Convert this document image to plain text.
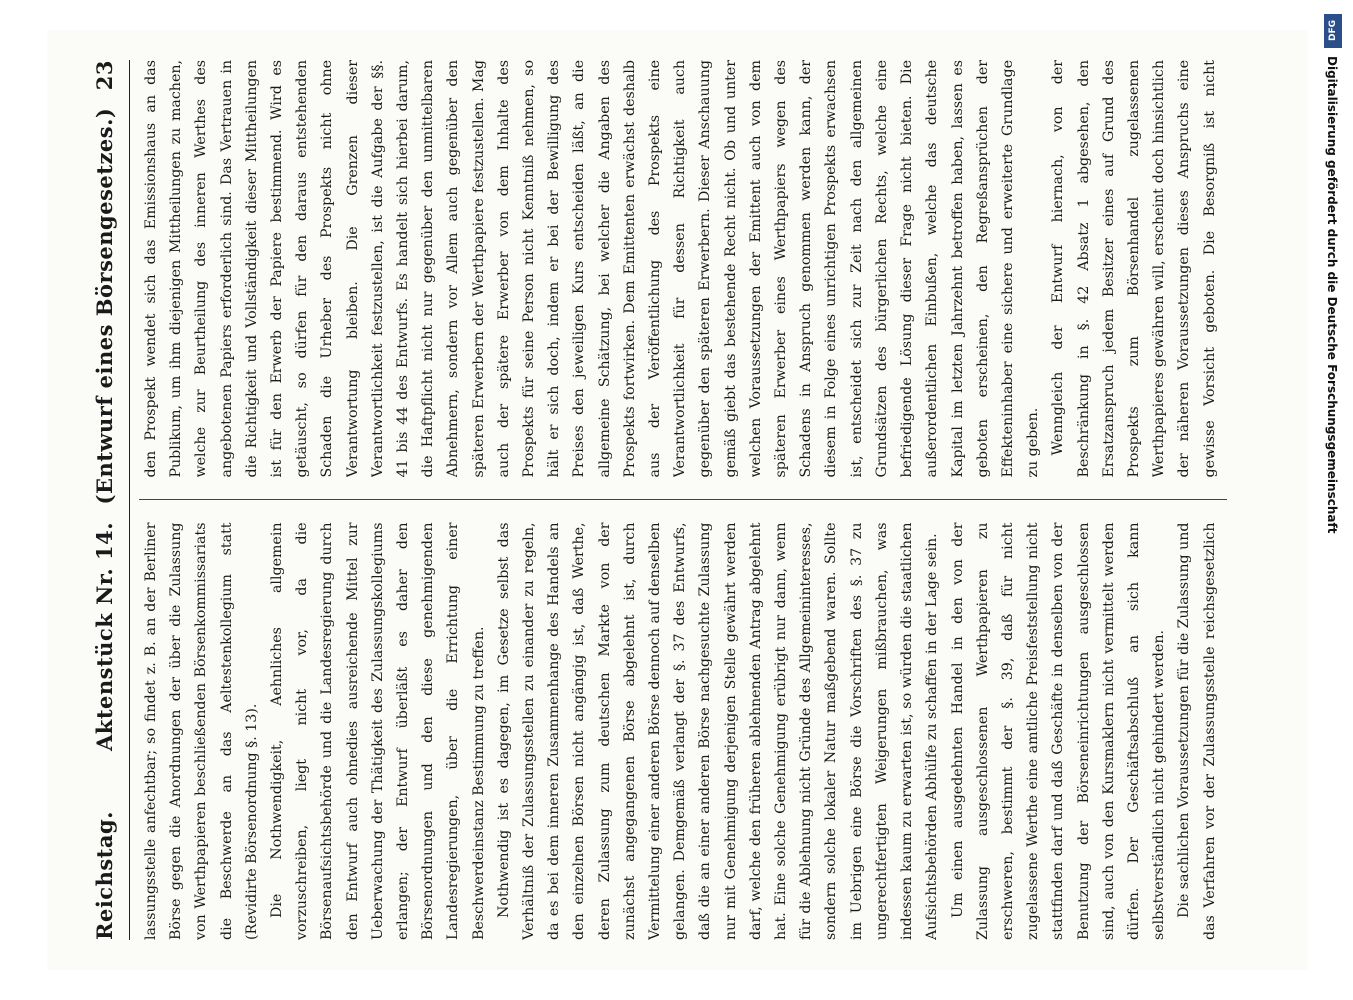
Reichstag.
Aktenstück Nr. 14.
(Entwurf eines Börsengesetzes.)
23

lassungsstelle anfechtbar; so findet z. B. an der Berliner Börse gegen die Anordnungen der über die Zulassung von Werthpapieren beschließenden Börsenkommissariats die Beschwerde an das Aeltestenkollegium statt (Revidirte Börsenordnung §. 13). Die Nothwendigkeit, Aehnliches allgemein vorzuschreiben, liegt nicht vor, da die Börsenaufsichtsbehörde und die Landesregierung durch den Entwurf auch ohnedies ausreichende Mittel zur Ueberwachung der Thätigkeit des Zulassungskollegiums erlangen; der Entwurf überläßt es daher den Börsenordnungen und den diese genehmigenden Landesregierungen, über die Errichtung einer Beschwerdeinstanz Bestimmung zu treffen. Nothwendig ist es dagegen, im Gesetze selbst das Verhältniß der Zulassungsstellen zu einander zu regeln, da es bei dem inneren Zusammenhange des Handels an den einzelnen Börsen nicht angängig ist, daß Werthe, deren Zulassung zum deutschen Markte von der zunächst angegangenen Börse abgelehnt ist, durch Vermittelung einer anderen Börse dennoch auf denselben gelangen. Demgemäß verlangt der §. 37 des Entwurfs, daß die an einer anderen Börse nachgesuchte Zulassung nur mit Genehmigung derjenigen Stelle gewährt werden darf, welche den früheren ablehnenden Antrag abgelehnt hat. Eine solche Genehmigung erübrigt nur dann, wenn für die Ablehnung nicht Gründe des Allgemeininteresses, sondern solche lokaler Natur maßgebend waren. Sollte im Uebrigen eine Börse die Vorschriften des §. 37 zu ungerechtfertigten Weigerungen mißbrauchen, was indessen kaum zu erwarten ist, so würden die staatlichen Aufsichtsbehörden Abhülfe zu schaffen in der Lage sein. Um einen ausgedehnten Handel in den von der Zulassung ausgeschlossenen Werthpapieren zu erschweren, bestimmt der §. 39, daß für nicht zugelassene Werthe eine amtliche Preisfeststellung nicht stattfinden darf und daß Geschäfte in denselben von der Benutzung der Börseneinrichtungen ausgeschlossen sind, auch von den Kursmaklern nicht vermittelt werden dürfen. Der Geschäftsabschluß an sich kann selbstverständlich nicht gehindert werden. Die sachlichen Voraussetzungen für die Zulassung und das Verfahren vor der Zulassungsstelle reichsgesetzlich

den Prospekt wendet sich das Emissionshaus an das Publikum, um ihm diejenigen Mittheilungen zu machen, welche zur Beurtheilung des inneren Werthes des angebotenen Papiers erforderlich sind. Das Vertrauen in die Richtigkeit und Vollständigkeit dieser Mittheilungen ist für den Erwerb der Papiere bestimmend. Wird es getäuscht, so dürfen für den daraus entstehenden Schaden die Urheber des Prospekts nicht ohne Verantwortung bleiben. Die Grenzen dieser Verantwortlichkeit festzustellen, ist die Aufgabe der §§. 41 bis 44 des Entwurfs. Es handelt sich hierbei darum, die Haftpflicht nicht nur gegenüber den unmittelbaren Abnehmern, sondern vor Allem auch gegenüber den späteren Erwerbern der Werthpapiere festzustellen. Mag auch der spätere Erwerber von dem Inhalte des Prospekts für seine Person nicht Kenntniß nehmen, so hält er sich doch, indem er bei der Bewilligung des Preises den jeweiligen Kurs entscheiden läßt, an die allgemeine Schätzung, bei welcher die Angaben des Prospekts fortwirken. Dem Emittenten erwächst deshalb aus der Veröffentlichung des Prospekts eine Verantwortlichkeit für dessen Richtigkeit auch gegenüber den späteren Erwerbern. Dieser Anschauung gemäß giebt das bestehende Recht nicht. Ob und unter welchen Voraussetzungen der Emittent auch von dem späteren Erwerber eines Werthpapiers wegen des Schadens in Anspruch genommen werden kann, der diesem in Folge eines unrichtigen Prospekts erwachsen ist, entscheidet sich zur Zeit nach den allgemeinen Grundsätzen des bürgerlichen Rechts, welche eine befriedigende Lösung dieser Frage nicht bieten. Die außerordentlichen Einbußen, welche das deutsche Kapital im letzten Jahrzehnt betroffen haben, lassen es geboten erscheinen, den Regreßansprüchen der Effekteninhaber eine sichere und erweiterte Grundlage zu geben. Wenngleich der Entwurf hiernach, von der Beschränkung in §. 42 Absatz 1 abgesehen, den Ersatzanspruch jedem Besitzer eines auf Grund des Prospekts zum Börsenhandel zugelassenen Werthpapieres gewähren will, erscheint doch hinsichtlich der näheren Voraussetzungen dieses Anspruchs eine gewisse Vorsicht geboten. Die Besorgniß ist nicht

DFG
Digitalisierung gefördert durch die Deutsche Forschungsgemeinschaft
